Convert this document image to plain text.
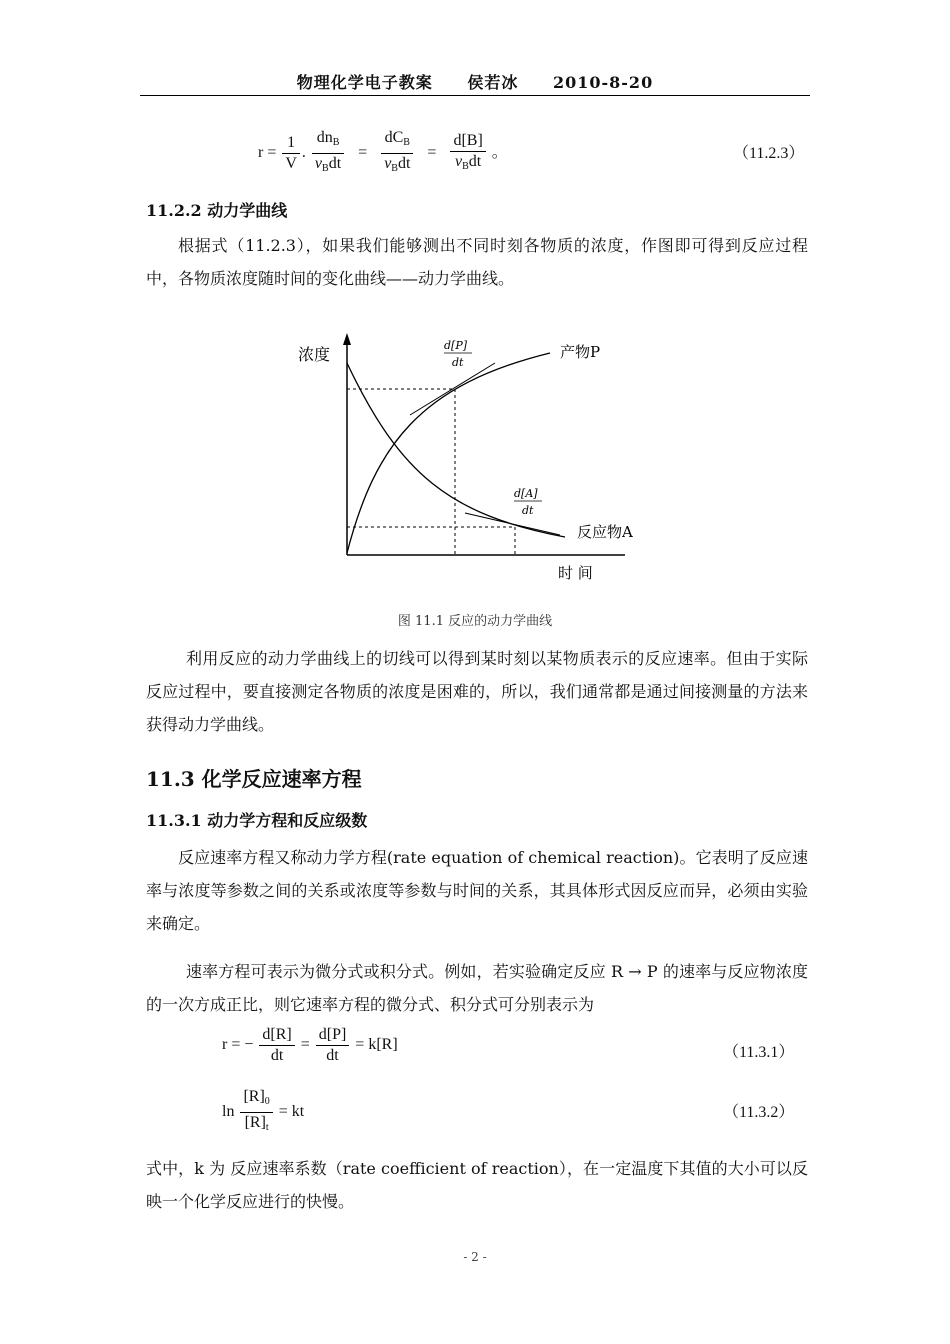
物理化学电子教案 侯若冰 2010-8-20
$r = \frac{1}{V}$ . $\frac{dn_B}{\nu_Bdt} = \frac{dC_B}{\nu_Bdt} = \frac{d[B]}{\nu_Bdt}$ 。	（11.2.3）
11.2.2 动力学曲线
根据式（11.2.3），如果我们能够测出不同时刻各物质的浓度，作图即可得到反应过程中，各物质浓度随时间的变化曲线——动力学曲线。
浓度
时 间
d[P]
dt
d[A]
dt
产物P
反应物A
图 11.1 反应的动力学曲线
利用反应的动力学曲线上的切线可以得到某时刻以某物质表示的反应速率。但由于实际反应过程中，要直接测定各物质的浓度是困难的，所以，我们通常都是通过间接测量的方法来获得动力学曲线。
11.3 化学反应速率方程
11.3.1 动力学方程和反应级数
反应速率方程又称动力学方程(rate equation of chemical reaction)。它表明了反应速率与浓度等参数之间的关系或浓度等参数与时间的关系，其具体形式因反应而异，必须由实验来确定。
速率方程可表示为微分式或积分式。例如，若实验确定反应 R → P 的速率与反应物浓度的一次方成正比，则它速率方程的微分式、积分式可分别表示为
r = − $\frac{d[R]}{dt} = \frac{d[P]}{dt} = k[R]$	（11.3.1）
$\ln \frac{[R]_0}{[R]_t}$ = kt	（11.3.2）
式中，k 为 反应速率系数（rate coefficient of reaction），在一定温度下其值的大小可以反映一个化学反应进行的快慢。
- 2 -
